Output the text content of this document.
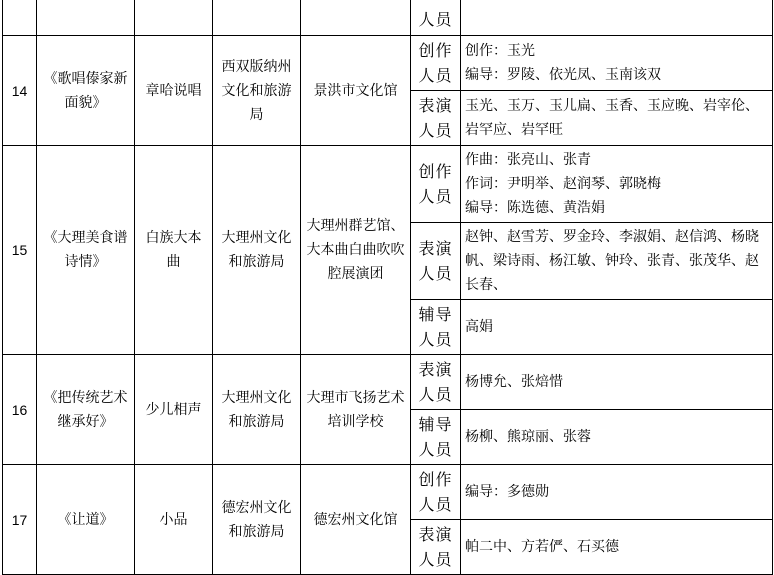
					人员	

14	《歌唱傣家新面貌》	章哈说唱	西双版纳州文化和旅游局	景洪市文化馆	创作人员	创作：玉光
编导：罗陵、依光凤、玉南该双

					表演人员	玉光、玉万、玉儿扁、玉香、玉应晚、岩宰伦、岩罕应、岩罕旺

15	《大理美食谱诗情》	白族大本曲	大理州文化和旅游局	大理州群艺馆、大本曲白曲吹吹腔展演团	创作人员	作曲：张亮山、张青
作词：尹明举、赵润琴、郭晓梅
编导：陈选德、黄浩娟

					表演人员	赵钟、赵雪芳、罗金玲、李淑娟、赵信鸿、杨晓帆、梁诗雨、杨江敏、钟玲、张青、张茂华、赵长春、

					辅导人员	高娟

16	《把传统艺术继承好》	少儿相声	大理州文化和旅游局	大理市飞扬艺术培训学校	表演人员	杨博允、张焙惜

					辅导人员	杨柳、熊琼丽、张蓉

17	《让道》	小品	德宏州文化和旅游局	德宏州文化馆	创作人员	编导：多德勋

					表演人员	帕二中、方若俨、石买德
